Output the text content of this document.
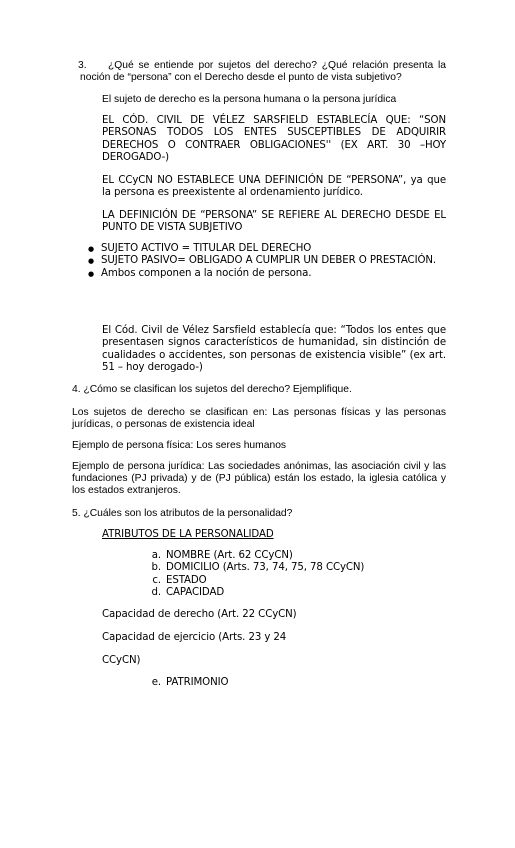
3.	¿Qué se entiende por sujetos del derecho? ¿Qué relación presenta la
noción de “persona” con el Derecho desde el punto de vista subjetivo?

El sujeto de derecho es la persona humana o la persona jurídica

EL CÓD. CIVIL DE VÉLEZ SARSFIELD ESTABLECÍA QUE: “SON PERSONAS TODOS LOS ENTES SUSCEPTIBLES DE ADQUIRIR DERECHOS O CONTRAER OBLIGACIONES'' (EX ART. 30 –HOY DEROGADO-)

EL CCyCN NO ESTABLECE UNA DEFINICIÓN DE “PERSONA”, ya que la persona es preexistente al ordenamiento jurídico.

LA DEFINICIÓN DE “PERSONA” SE REFIERE AL DERECHO DESDE EL PUNTO DE VISTA SUBJETIVO

● SUJETO ACTIVO = TITULAR DEL DERECHO
● SUJETO PASIVO= OBLIGADO A CUMPLIR UN DEBER O PRESTACIÓN.
● Ambos componen a la noción de persona.

El Cód. Civil de Vélez Sarsfield establecía que: “Todos los entes que presentasen signos característicos de humanidad, sin distinción de cualidades o accidentes, son personas de existencia visible” (ex art. 51 – hoy derogado-)

4. ¿Cómo se clasifican los sujetos del derecho? Ejemplifique.

Los sujetos de derecho se clasifican en: Las personas físicas y las personas jurídicas, o personas de existencia ideal

Ejemplo de persona física: Los seres humanos

Ejemplo de persona jurídica: Las sociedades anónimas, las asociación civil y las fundaciones (PJ privada) y de (PJ pública) están los estado, la iglesia católica y los estados extranjeros.

5. ¿Cuáles son los atributos de la personalidad?

ATRIBUTOS DE LA PERSONALIDAD

a. NOMBRE (Art. 62 CCyCN)
b. DOMICILIO (Arts. 73, 74, 75, 78 CCyCN)
c. ESTADO
d. CAPACIDAD

Capacidad de derecho (Art. 22 CCyCN)

Capacidad de ejercicio (Arts. 23 y 24

CCyCN)

e. PATRIMONIO
